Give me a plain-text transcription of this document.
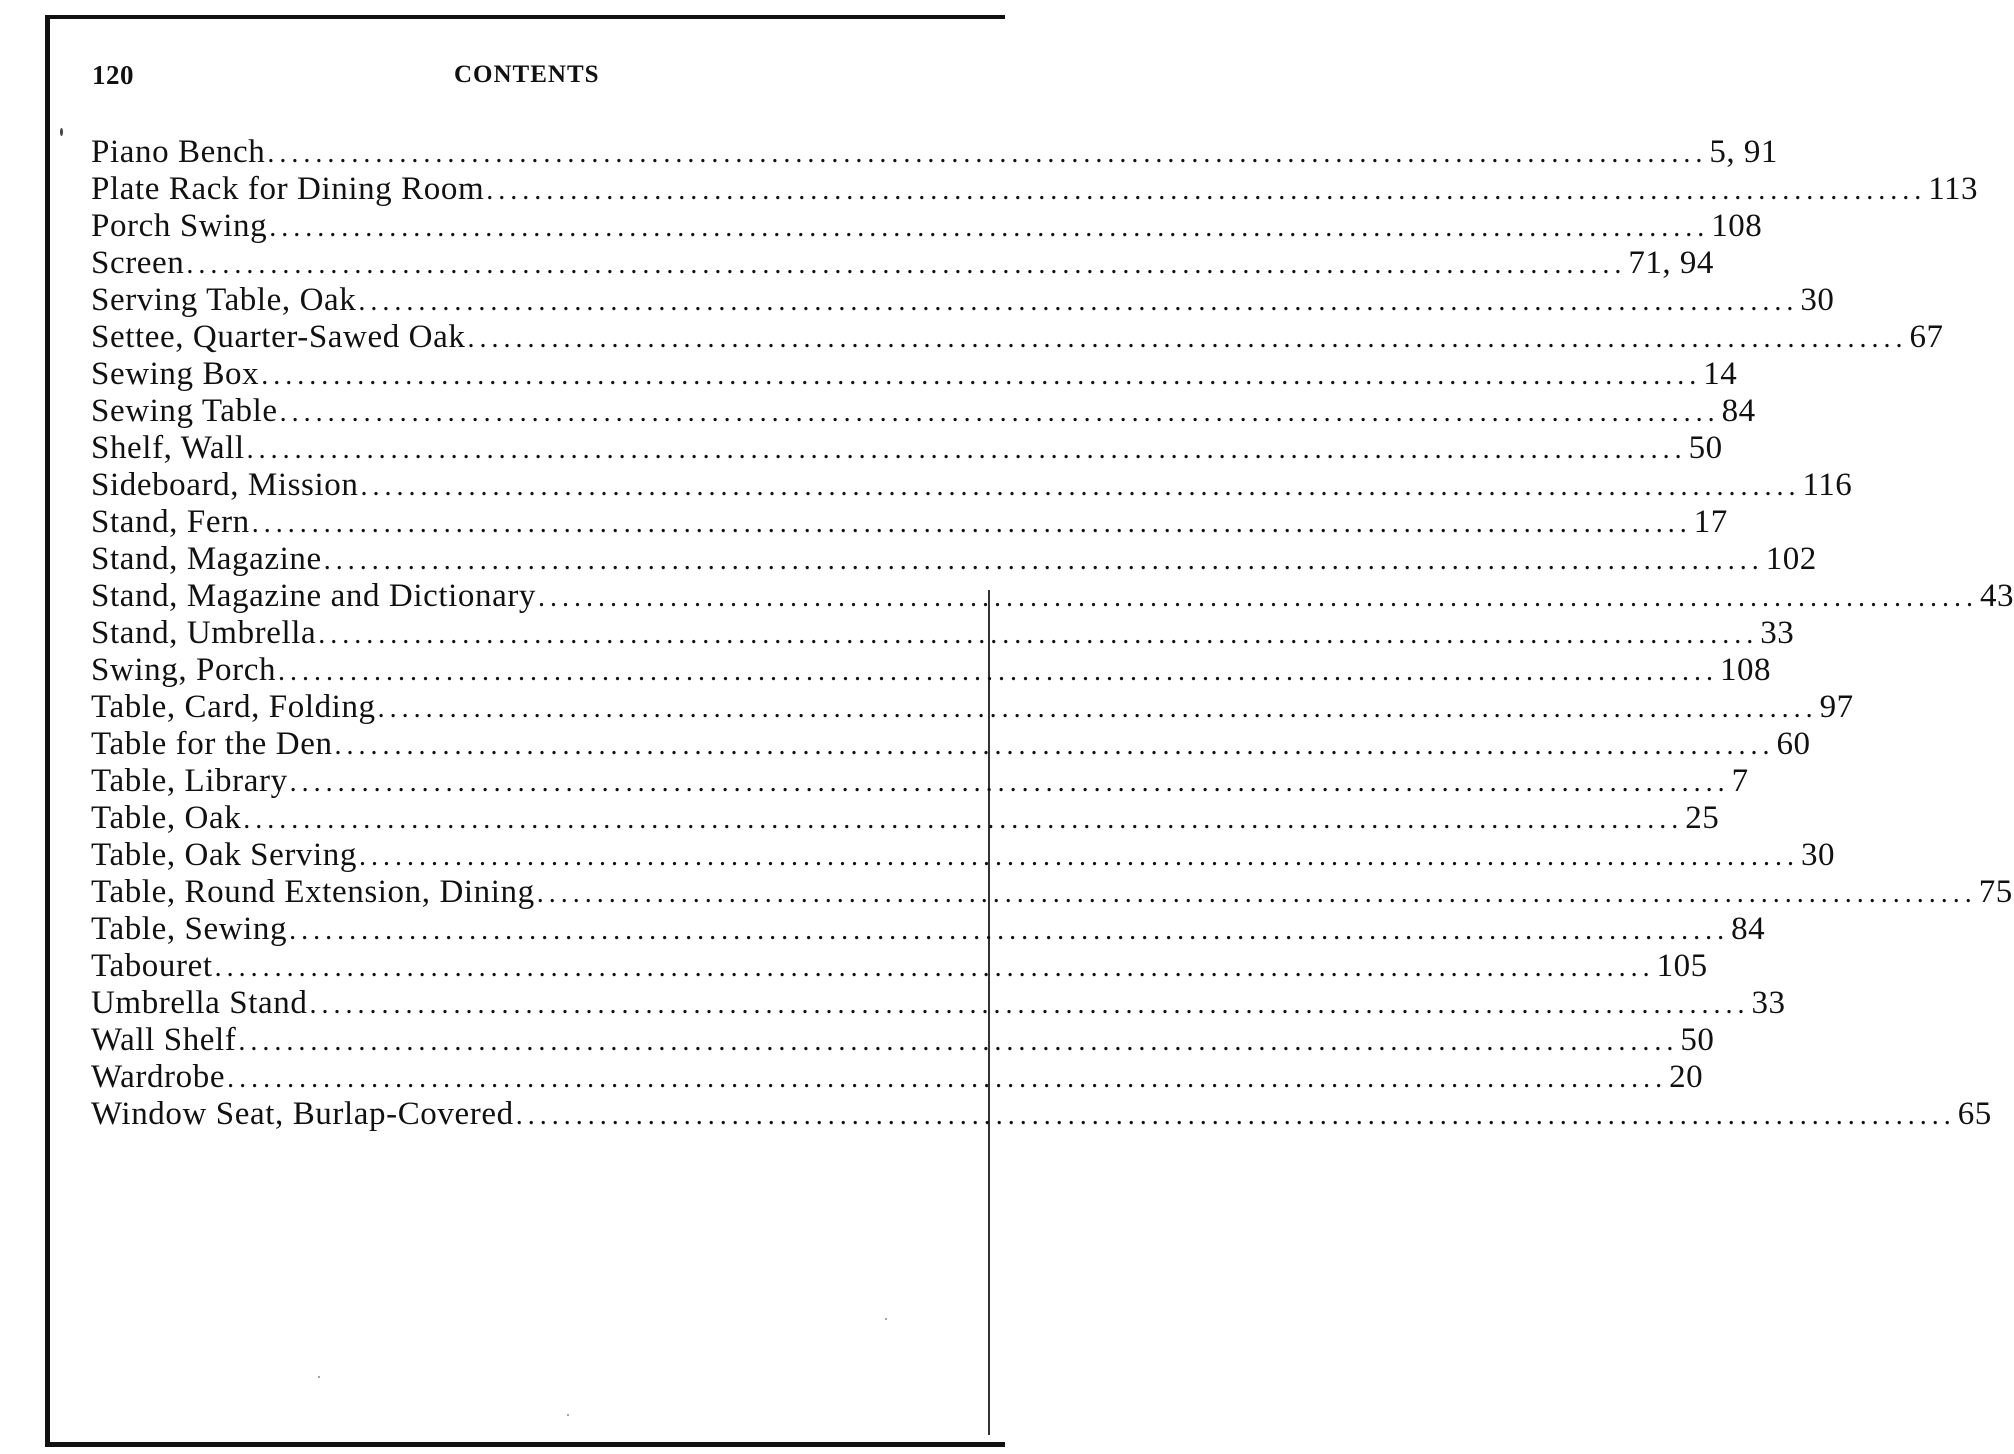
120	CONTENTS
Piano Bench ........................................................................................................................ 5, 91
Plate Rack for Dining Room ........................................................................................................................ 113
Porch Swing ........................................................................................................................ 108
Screen ........................................................................................................................ 71, 94
Serving Table, Oak ........................................................................................................................ 30
Settee, Quarter-Sawed Oak ........................................................................................................................ 67
Sewing Box ........................................................................................................................ 14
Sewing Table ........................................................................................................................ 84
Shelf, Wall ........................................................................................................................ 50
Sideboard, Mission ........................................................................................................................ 116
Stand, Fern ........................................................................................................................ 17
Stand, Magazine ........................................................................................................................ 102
Stand, Magazine and Dictionary ........................................................................................................................ 43
Stand, Umbrella ........................................................................................................................ 33
Swing, Porch ........................................................................................................................ 108
Table, Card, Folding ........................................................................................................................ 97
Table for the Den ........................................................................................................................ 60
Table, Library ........................................................................................................................ 7
Table, Oak ........................................................................................................................ 25
Table, Oak Serving ........................................................................................................................ 30
Table, Round Extension, Dining ........................................................................................................................ 75
Table, Sewing ........................................................................................................................ 84
Tabouret ........................................................................................................................ 105
Umbrella Stand ........................................................................................................................ 33
Wall Shelf ........................................................................................................................ 50
Wardrobe ........................................................................................................................ 20
Window Seat, Burlap-Covered ........................................................................................................................ 65
